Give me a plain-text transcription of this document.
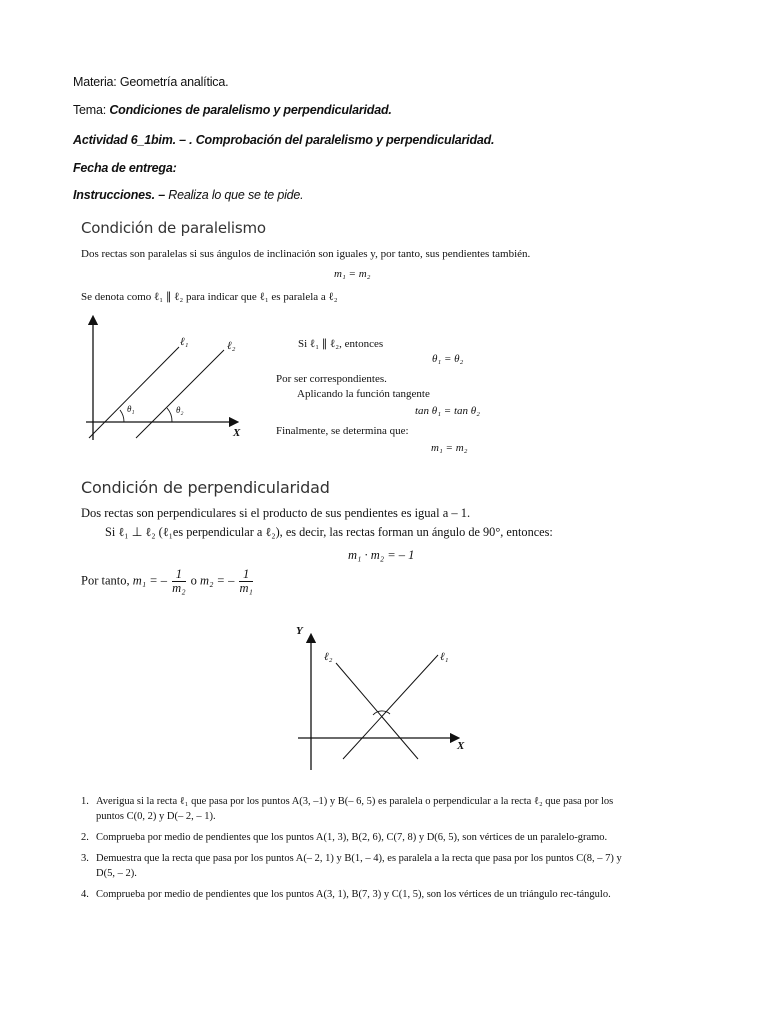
Materia: Geometría analítica.
Tema: Condiciones de paralelismo y perpendicularidad.
Actividad 6_1bim. – . Comprobación del paralelismo y perpendicularidad.
Fecha de entrega:
Instrucciones. – Realiza lo que se te pide.
Condición de paralelismo
Dos rectas son paralelas si sus ángulos de inclinación son iguales y, por tanto, sus pendientes también.
m₁ = m₂
Se denota como ℓ₁ ∥ ℓ₂ para indicar que ℓ₁ es paralela a ℓ₂
ℓ₁	ℓ₂
θ₁	θ₂
X
Si ℓ₁ ∥ ℓ₂, entonces
θ₁ = θ₂
Por ser correspondientes.
Aplicando la función tangente
tan θ₁ = tan θ₂
Finalmente, se determina que:
m₁ = m₂
Condición de perpendicularidad
Dos rectas son perpendiculares si el producto de sus pendientes es igual a – 1.
Si ℓ₁ ⊥ ℓ₂ (ℓ₁es perpendicular a ℓ₂), es decir, las rectas forman un ángulo de 90°, entonces:
m₁ · m₂ = – 1
Por tanto, m₁ = – $\frac{1}{\text{m₂}}$ o m₂ = – $\frac{1}{\text{m₁}}$
Y
X
ℓ₂	ℓ₁
1. Averigua si la recta ℓ₁ que pasa por los puntos A(3, –1) y B(– 6, 5) es paralela o perpendicular a la recta ℓ₂ que pasa por los puntos C(0, 2) y D(– 2, – 1).
2. Comprueba por medio de pendientes que los puntos A(1, 3), B(2, 6), C(7, 8) y D(6, 5), son vértices de un paralelo-gramo.
3. Demuestra que la recta que pasa por los puntos A(– 2, 1) y B(1, – 4), es paralela a la recta que pasa por los puntos C(8, – 7) y D(5, – 2).
4. Comprueba por medio de pendientes que los puntos A(3, 1), B(7, 3) y C(1, 5), son los vértices de un triángulo rec-tángulo.
